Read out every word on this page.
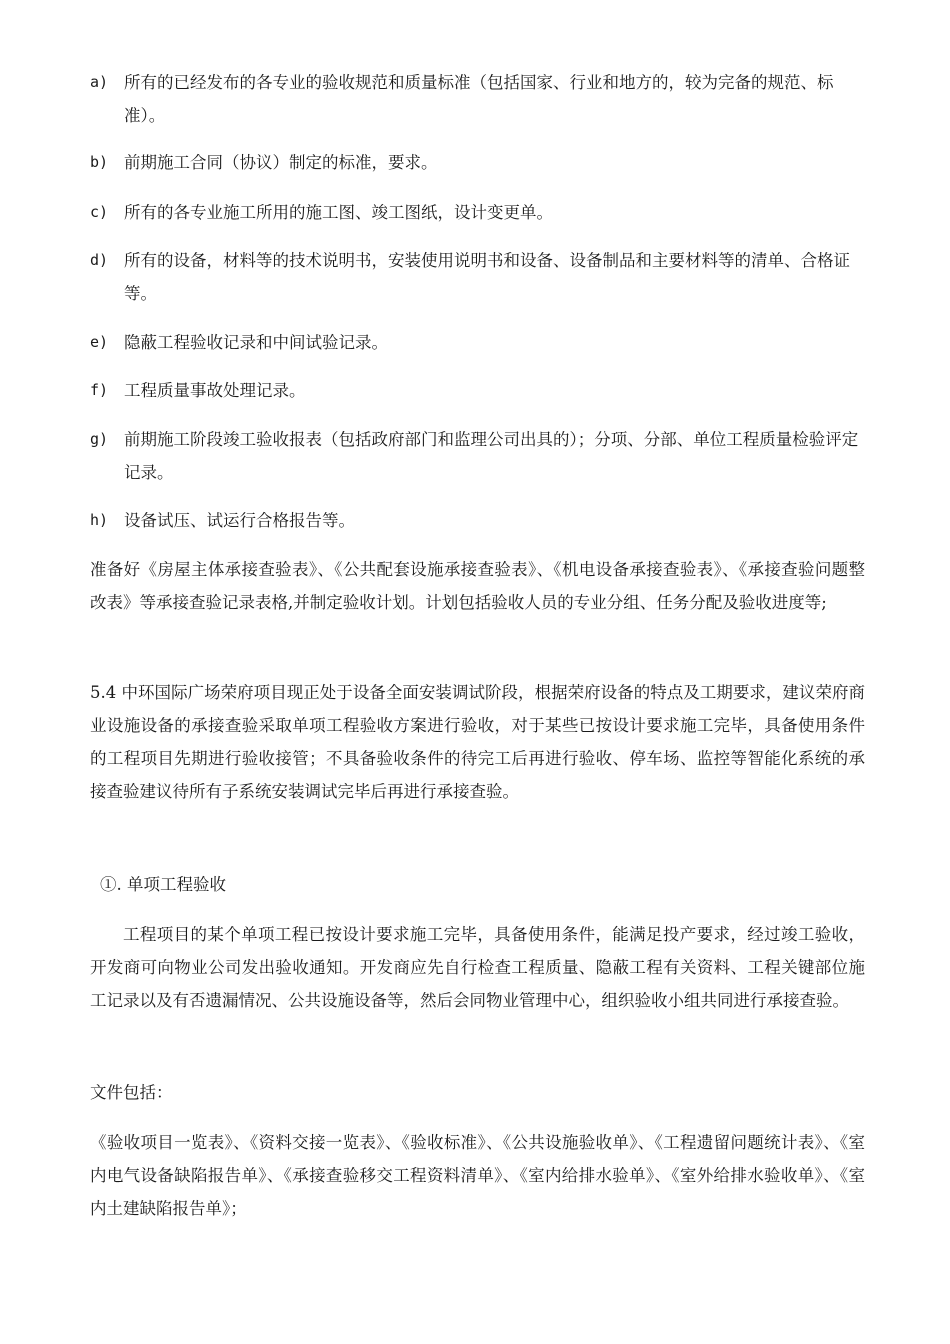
a) 所有的已经发布的各专业的验收规范和质量标准（包括国家、行业和地方的，较为完备的规范、标准）。
b) 前期施工合同（协议）制定的标准，要求。
c) 所有的各专业施工所用的施工图、竣工图纸，设计变更单。
d) 所有的设备，材料等的技术说明书，安装使用说明书和设备、设备制品和主要材料等的清单、合格证等。
e) 隐蔽工程验收记录和中间试验记录。
f) 工程质量事故处理记录。
g) 前期施工阶段竣工验收报表（包括政府部门和监理公司出具的）；分项、分部、单位工程质量检验评定记录。
h) 设备试压、试运行合格报告等。
准备好《房屋主体承接查验表》、《公共配套设施承接查验表》、《机电设备承接查验表》、《承接查验问题整改表》等承接查验记录表格,并制定验收计划。计划包括验收人员的专业分组、任务分配及验收进度等;
5.4 中环国际广场荣府项目现正处于设备全面安装调试阶段，根据荣府设备的特点及工期要求，建议荣府商业设施设备的承接查验采取单项工程验收方案进行验收，对于某些已按设计要求施工完毕，具备使用条件的工程项目先期进行验收接管；不具备验收条件的待完工后再进行验收、停车场、监控等智能化系统的承接查验建议待所有子系统安装调试完毕后再进行承接查验。
①. 单项工程验收
工程项目的某个单项工程已按设计要求施工完毕，具备使用条件，能满足投产要求，经过竣工验收，开发商可向物业公司发出验收通知。开发商应先自行检查工程质量、隐蔽工程有关资料、工程关键部位施工记录以及有否遗漏情况、公共设施设备等，然后会同物业管理中心，组织验收小组共同进行承接查验。
文件包括：
《验收项目一览表》、《资料交接一览表》、《验收标准》、《公共设施验收单》、《工程遗留问题统计表》、《室内电气设备缺陷报告单》、《承接查验移交工程资料清单》、《室内给排水验单》、《室外给排水验收单》、《室内土建缺陷报告单》；
